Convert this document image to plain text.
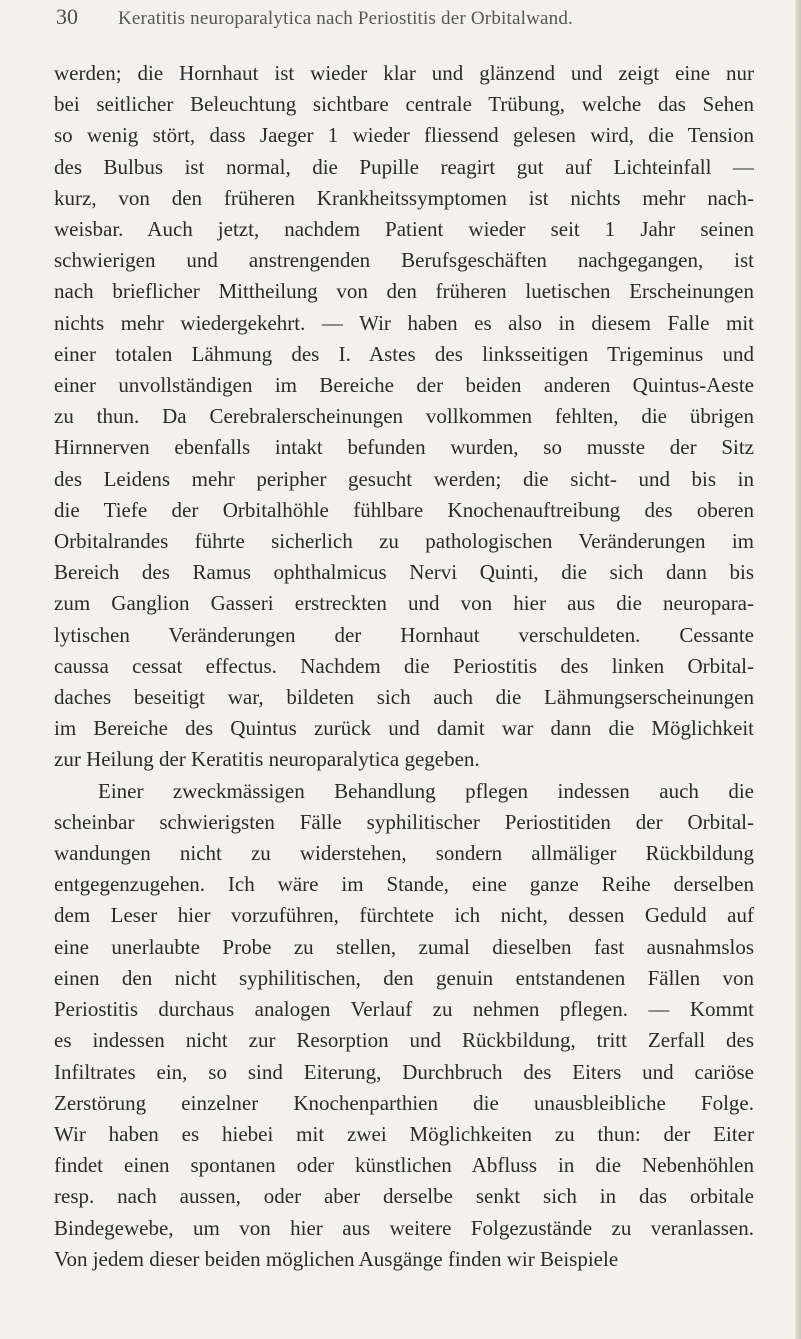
30 Keratitis neuroparalytica nach Periostitis der Orbitalwand.
werden; die Hornhaut ist wieder klar und glänzend und zeigt eine nur
bei seitlicher Beleuchtung sichtbare centrale Trübung, welche das Sehen
so wenig stört, dass Jaeger 1 wieder fliessend gelesen wird, die Tension
des Bulbus ist normal, die Pupille reagirt gut auf Lichteinfall —
kurz, von den früheren Krankheitssymptomen ist nichts mehr nach-
weisbar. Auch jetzt, nachdem Patient wieder seit 1 Jahr seinen
schwierigen und anstrengenden Berufsgeschäften nachgegangen, ist
nach brieflicher Mittheilung von den früheren luetischen Erscheinungen
nichts mehr wiedergekehrt. — Wir haben es also in diesem Falle mit
einer totalen Lähmung des I. Astes des linksseitigen Trigeminus und
einer unvollständigen im Bereiche der beiden anderen Quintus-Aeste
zu thun. Da Cerebralerscheinungen vollkommen fehlten, die übrigen
Hirnnerven ebenfalls intakt befunden wurden, so musste der Sitz
des Leidens mehr peripher gesucht werden; die sicht- und bis in
die Tiefe der Orbitalhöhle fühlbare Knochenauftreibung des oberen
Orbitalrandes führte sicherlich zu pathologischen Veränderungen im
Bereich des Ramus ophthalmicus Nervi Quinti, die sich dann bis
zum Ganglion Gasseri erstreckten und von hier aus die neuropara-
lytischen Veränderungen der Hornhaut verschuldeten. Cessante
caussa cessat effectus. Nachdem die Periostitis des linken Orbital-
daches beseitigt war, bildeten sich auch die Lähmungserscheinungen
im Bereiche des Quintus zurück und damit war dann die Möglichkeit
zur Heilung der Keratitis neuroparalytica gegeben.
Einer zweckmässigen Behandlung pflegen indessen auch die
scheinbar schwierigsten Fälle syphilitischer Periostitiden der Orbital-
wandungen nicht zu widerstehen, sondern allmäliger Rückbildung
entgegenzugehen. Ich wäre im Stande, eine ganze Reihe derselben
dem Leser hier vorzuführen, fürchtete ich nicht, dessen Geduld auf
eine unerlaubte Probe zu stellen, zumal dieselben fast ausnahmslos
einen den nicht syphilitischen, den genuin entstandenen Fällen von
Periostitis durchaus analogen Verlauf zu nehmen pflegen. — Kommt
es indessen nicht zur Resorption und Rückbildung, tritt Zerfall des
Infiltrates ein, so sind Eiterung, Durchbruch des Eiters und cariöse
Zerstörung einzelner Knochenparthien die unausbleibliche Folge.
Wir haben es hiebei mit zwei Möglichkeiten zu thun: der Eiter
findet einen spontanen oder künstlichen Abfluss in die Nebenhöhlen
resp. nach aussen, oder aber derselbe senkt sich in das orbitale
Bindegewebe, um von hier aus weitere Folgezustände zu veranlassen.
Von jedem dieser beiden möglichen Ausgänge finden wir Beispiele
